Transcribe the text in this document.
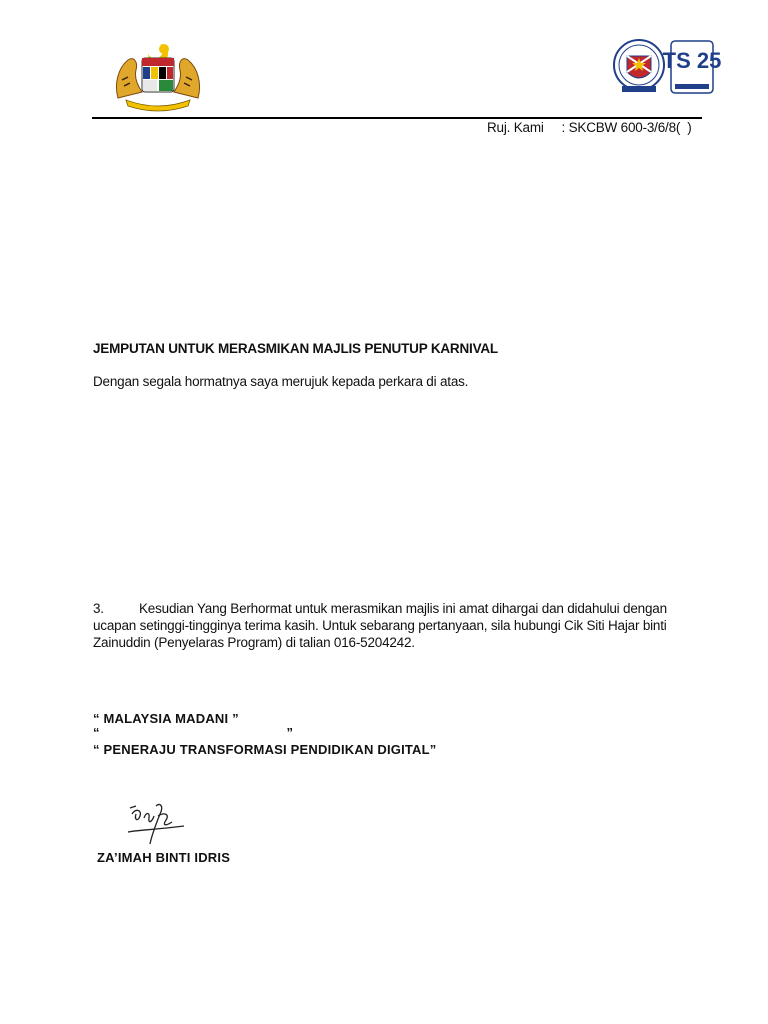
TS 25
Ruj. Kami : SKCBW 600-3/6/8(  )
JEMPUTAN UNTUK MERASMIKAN MAJLIS PENUTUP KARNIVAL
Dengan segala hormatnya saya merujuk kepada perkara di atas.
3.	Kesudian Yang Berhormat untuk merasmikan majlis ini amat dihargai dan didahului dengan ucapan setinggi-tingginya terima kasih. Untuk sebarang pertanyaan, sila hubungi Cik Siti Hajar binti Zainuddin (Penyelaras Program) di talian 016-5204242.
“ MALAYSIA MADANI ”
“                                                 ”
“ PENERAJU TRANSFORMASI PENDIDIKAN DIGITAL”
ZA’IMAH BINTI IDRIS
